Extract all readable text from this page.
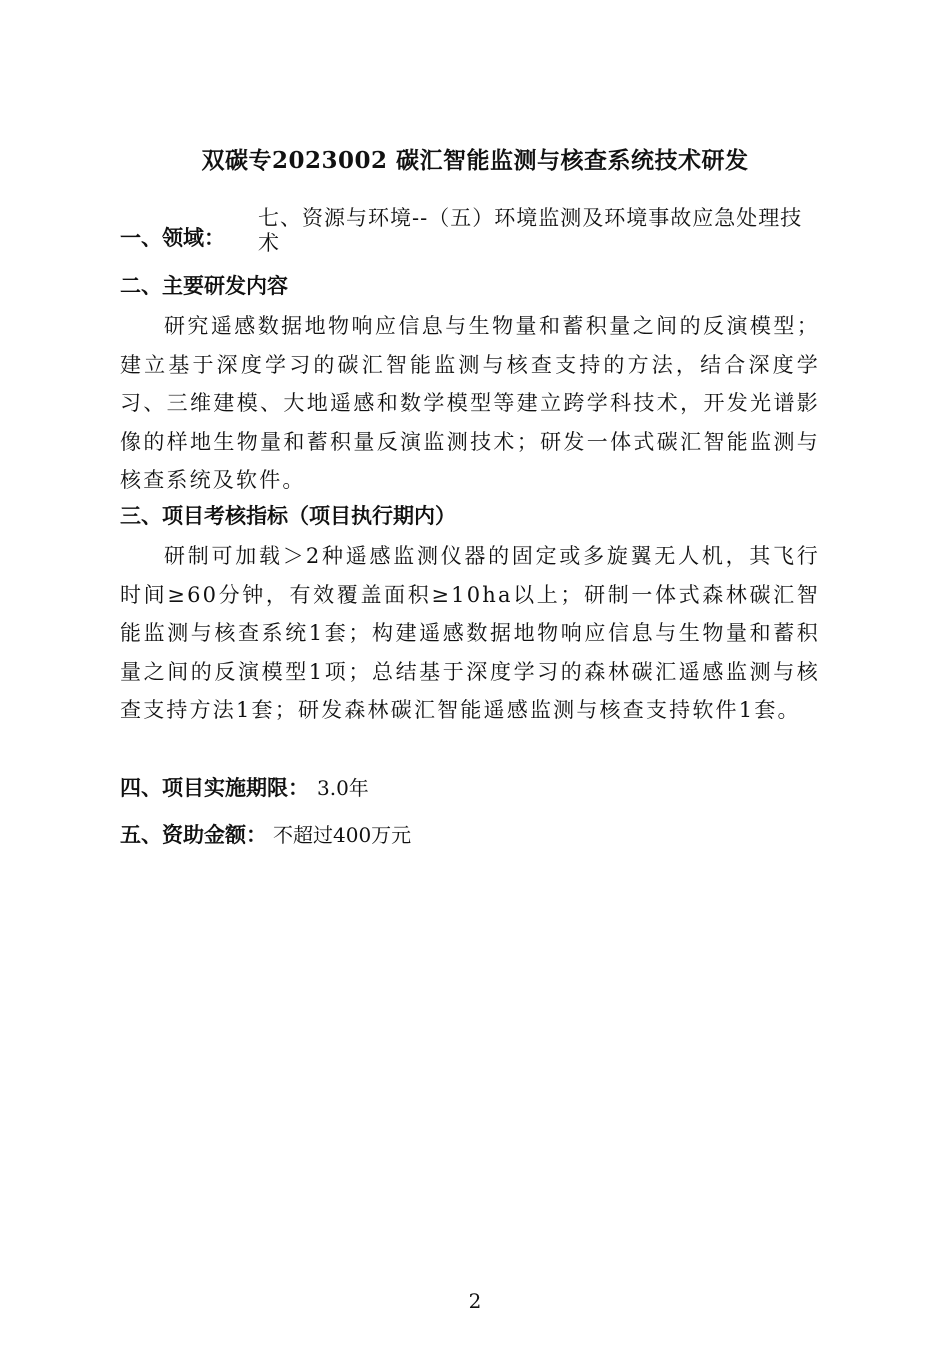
双碳专2023002 碳汇智能监测与核查系统技术研发
一、领域：
七、资源与环境--（五）环境监测及环境事故应急处理技术
二、主要研发内容
研究遥感数据地物响应信息与生物量和蓄积量之间的反演模型；建立基于深度学习的碳汇智能监测与核查支持的方法，结合深度学习、三维建模、大地遥感和数学模型等建立跨学科技术，开发光谱影像的样地生物量和蓄积量反演监测技术；研发一体式碳汇智能监测与核查系统及软件。
三、项目考核指标（项目执行期内）
研制可加载＞2种遥感监测仪器的固定或多旋翼无人机，其飞行时间≥60分钟，有效覆盖面积≥10ha以上；研制一体式森林碳汇智能监测与核查系统1套；构建遥感数据地物响应信息与生物量和蓄积量之间的反演模型1项；总结基于深度学习的森林碳汇遥感监测与核查支持方法1套；研发森林碳汇智能遥感监测与核查支持软件1套。
四、项目实施期限： 3.0年
五、资助金额： 不超过400万元
2
